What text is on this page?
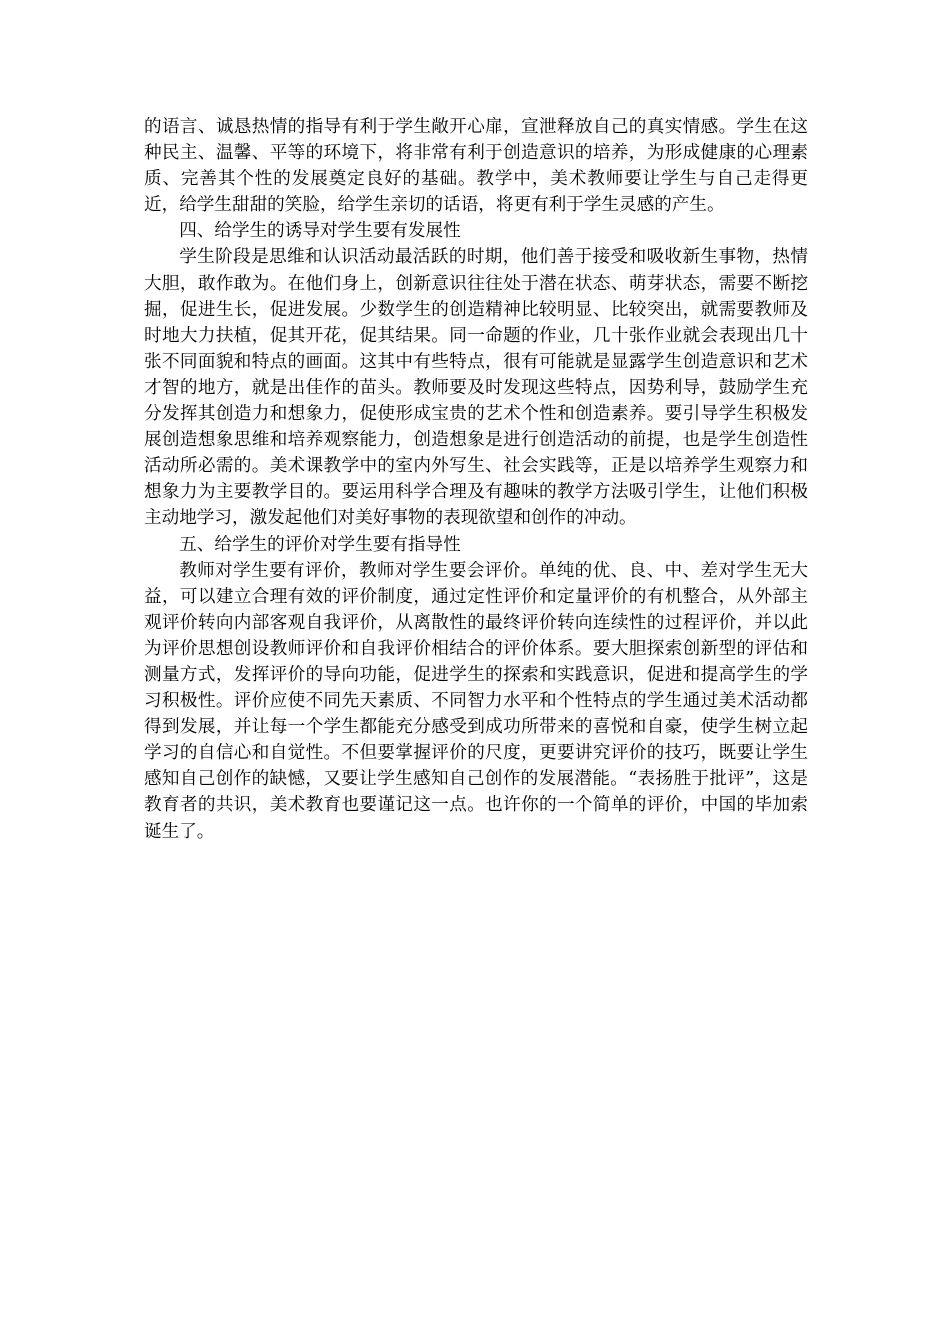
的语言、诚恳热情的指导有利于学生敞开心扉，宣泄释放自己的真实情感。学生在这种民主、温馨、平等的环境下，将非常有利于创造意识的培养，为形成健康的心理素质、完善其个性的发展奠定良好的基础。教学中，美术教师要让学生与自己走得更近，给学生甜甜的笑脸，给学生亲切的话语，将更有利于学生灵感的产生。

四、给学生的诱导对学生要有发展性

学生阶段是思维和认识活动最活跃的时期，他们善于接受和吸收新生事物，热情大胆，敢作敢为。在他们身上，创新意识往往处于潜在状态、萌芽状态，需要不断挖掘，促进生长，促进发展。少数学生的创造精神比较明显、比较突出，就需要教师及时地大力扶植，促其开花，促其结果。同一命题的作业，几十张作业就会表现出几十张不同面貌和特点的画面。这其中有些特点，很有可能就是显露学生创造意识和艺术才智的地方，就是出佳作的苗头。教师要及时发现这些特点，因势利导，鼓励学生充分发挥其创造力和想象力，促使形成宝贵的艺术个性和创造素养。要引导学生积极发展创造想象思维和培养观察能力，创造想象是进行创造活动的前提，也是学生创造性活动所必需的。美术课教学中的室内外写生、社会实践等，正是以培养学生观察力和想象力为主要教学目的。要运用科学合理及有趣味的教学方法吸引学生，让他们积极主动地学习，激发起他们对美好事物的表现欲望和创作的冲动。

五、给学生的评价对学生要有指导性

教师对学生要有评价，教师对学生要会评价。单纯的优、良、中、差对学生无大益，可以建立合理有效的评价制度，通过定性评价和定量评价的有机整合，从外部主观评价转向内部客观自我评价，从离散性的最终评价转向连续性的过程评价，并以此为评价思想创设教师评价和自我评价相结合的评价体系。要大胆探索创新型的评估和测量方式，发挥评价的导向功能，促进学生的探索和实践意识，促进和提高学生的学习积极性。评价应使不同先天素质、不同智力水平和个性特点的学生通过美术活动都得到发展，并让每一个学生都能充分感受到成功所带来的喜悦和自豪，使学生树立起学习的自信心和自觉性。不但要掌握评价的尺度，更要讲究评价的技巧，既要让学生感知自己创作的缺憾，又要让学生感知自己创作的发展潜能。“表扬胜于批评”，这是教育者的共识，美术教育也要谨记这一点。也许你的一个简单的评价，中国的毕加索诞生了。
